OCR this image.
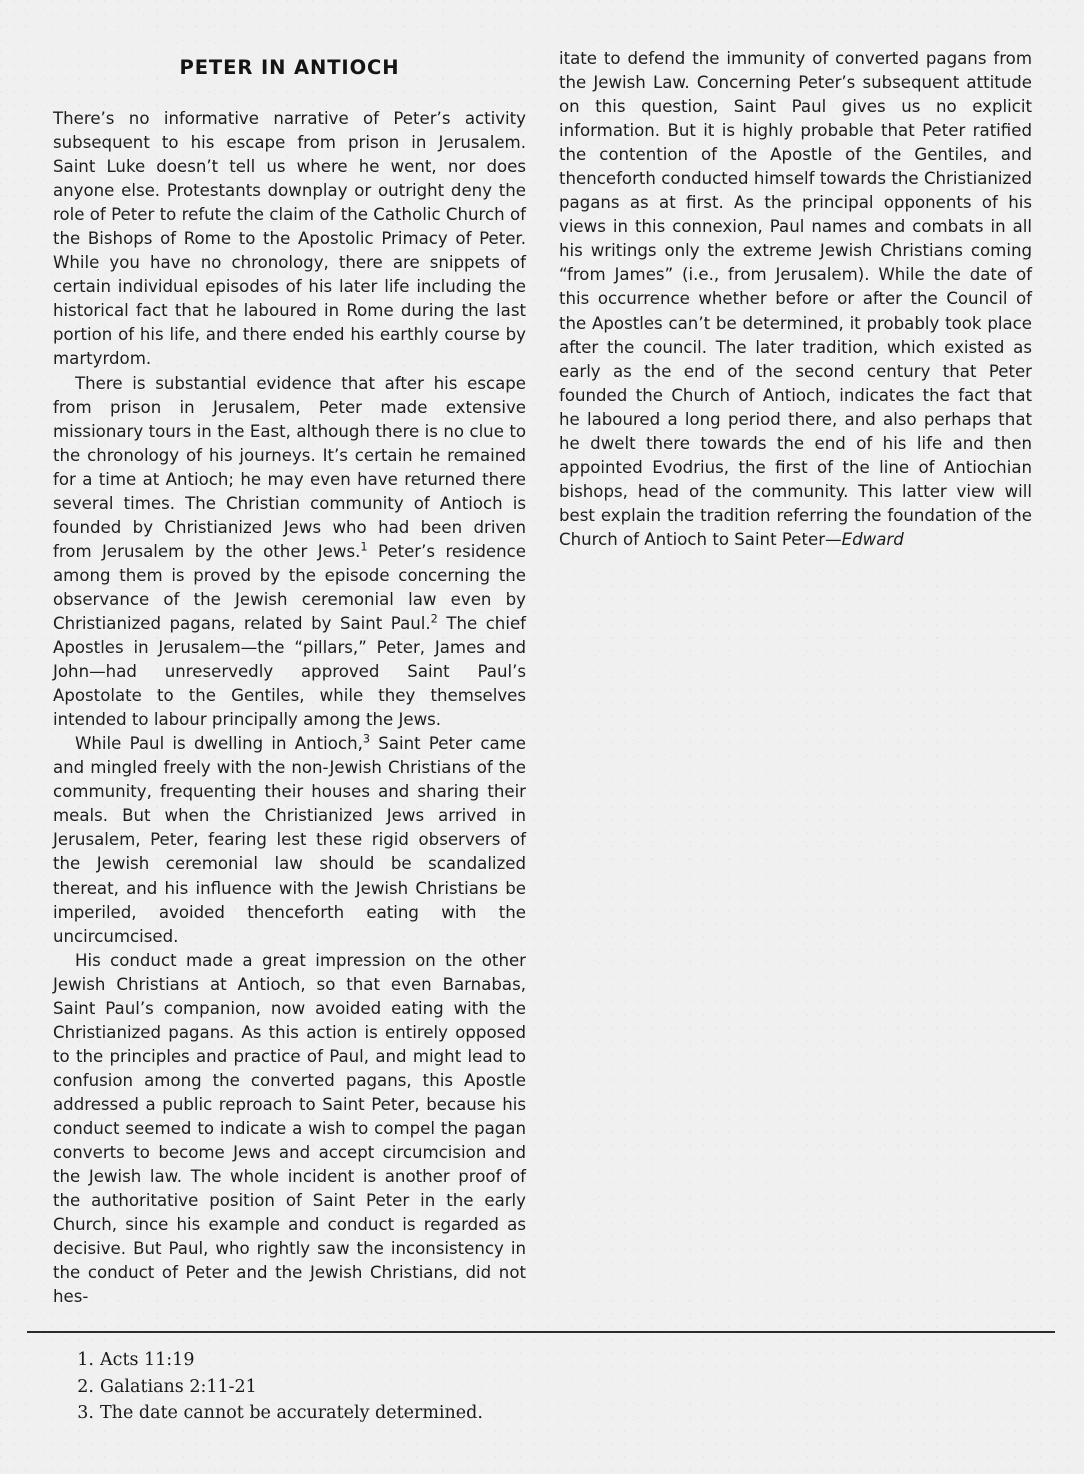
PETER IN ANTIOCH

There’s no informative narrative of Peter’s activity subsequent to his escape from prison in Jerusalem. Saint Luke doesn’t tell us where he went, nor does anyone else. Protestants downplay or outright deny the role of Peter to refute the claim of the Catholic Church of the Bishops of Rome to the Apostolic Primacy of Peter. While you have no chronology, there are snippets of certain individual episodes of his later life including the historical fact that he laboured in Rome during the last portion of his life, and there ended his earthly course by martyrdom.

There is substantial evidence that after his escape from prison in Jerusalem, Peter made extensive missionary tours in the East, although there is no clue to the chronology of his journeys. It’s certain he remained for a time at Antioch; he may even have returned there several times. The Christian community of Antioch is founded by Christianized Jews who had been driven from Jerusalem by the other Jews.$^1$ Peter’s residence among them is proved by the episode concerning the observance of the Jewish ceremonial law even by Christianized pagans, related by Saint Paul.$^2$ The chief Apostles in Jerusalem—the “pillars,” Peter, James and John—had unreservedly approved Saint Paul’s Apostolate to the Gentiles, while they themselves intended to labour principally among the Jews.

While Paul is dwelling in Antioch,$^3$ Saint Peter came and mingled freely with the non-Jewish Christians of the community, frequenting their houses and sharing their meals. But when the Christianized Jews arrived in Jerusalem, Peter, fearing lest these rigid observers of the Jewish ceremonial law should be scandalized thereat, and his influence with the Jewish Christians be imperiled, avoided thenceforth eating with the uncircumcised.

His conduct made a great impression on the other Jewish Christians at Antioch, so that even Barnabas, Saint Paul’s companion, now avoided eating with the Christianized pagans. As this action is entirely opposed to the principles and practice of Paul, and might lead to confusion among the converted pagans, this Apostle addressed a public reproach to Saint Peter, because his conduct seemed to indicate a wish to compel the pagan converts to become Jews and accept circumcision and the Jewish law. The whole incident is another proof of the authoritative position of Saint Peter in the early Church, since his example and conduct is regarded as decisive. But Paul, who rightly saw the inconsistency in the conduct of Peter and the Jewish Christians, did not hes-

itate to defend the immunity of converted pagans from the Jewish Law. Concerning Peter’s subsequent attitude on this question, Saint Paul gives us no explicit information. But it is highly probable that Peter ratified the contention of the Apostle of the Gentiles, and thenceforth conducted himself towards the Christianized pagans as at first. As the principal opponents of his views in this connexion, Paul names and combats in all his writings only the extreme Jewish Christians coming “from James” (i.e., from Jerusalem). While the date of this occurrence whether before or after the Council of the Apostles can’t be determined, it probably took place after the council. The later tradition, which existed as early as the end of the second century that Peter founded the Church of Antioch, indicates the fact that he laboured a long period there, and also perhaps that he dwelt there towards the end of his life and then appointed Evodrius, the first of the line of Antiochian bishops, head of the community. This latter view will best explain the tradition referring the foundation of the Church of Antioch to Saint Peter—Edward

1. Acts 11:19
2. Galatians 2:11-21
3. The date cannot be accurately determined.
